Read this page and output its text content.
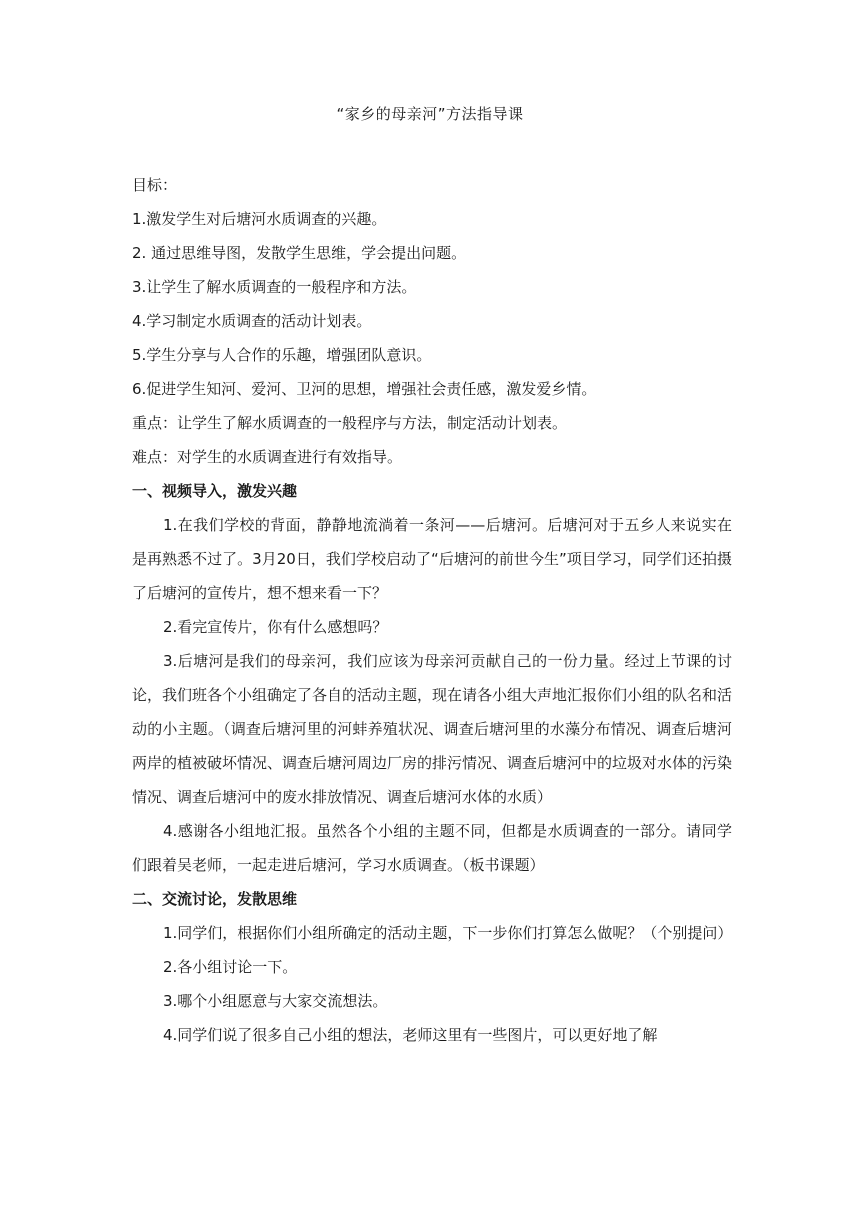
“家乡的母亲河”方法指导课
目标：
1.激发学生对后塘河水质调查的兴趣。
2. 通过思维导图，发散学生思维，学会提出问题。
3.让学生了解水质调查的一般程序和方法。
4.学习制定水质调查的活动计划表。
5.学生分享与人合作的乐趣，增强团队意识。
6.促进学生知河、爱河、卫河的思想，增强社会责任感，激发爱乡情。
重点：让学生了解水质调查的一般程序与方法，制定活动计划表。
难点：对学生的水质调查进行有效指导。
一、视频导入，激发兴趣
1.在我们学校的背面，静静地流淌着一条河——后塘河。后塘河对于五乡人来说实在是再熟悉不过了。3月20日，我们学校启动了“后塘河的前世今生”项目学习，同学们还拍摄了后塘河的宣传片，想不想来看一下？
2.看完宣传片，你有什么感想吗？
3.后塘河是我们的母亲河，我们应该为母亲河贡献自己的一份力量。经过上节课的讨论，我们班各个小组确定了各自的活动主题，现在请各小组大声地汇报你们小组的队名和活动的小主题。（调查后塘河里的河蚌养殖状况、调查后塘河里的水藻分布情况、调查后塘河两岸的植被破坏情况、调查后塘河周边厂房的排污情况、调查后塘河中的垃圾对水体的污染情况、调查后塘河中的废水排放情况、调查后塘河水体的水质）
4.感谢各小组地汇报。虽然各个小组的主题不同，但都是水质调查的一部分。请同学们跟着吴老师，一起走进后塘河，学习水质调查。（板书课题）
二、交流讨论，发散思维
1.同学们，根据你们小组所确定的活动主题，下一步你们打算怎么做呢？（个别提问）
2.各小组讨论一下。
3.哪个小组愿意与大家交流想法。
4.同学们说了很多自己小组的想法，老师这里有一些图片，可以更好地了解
